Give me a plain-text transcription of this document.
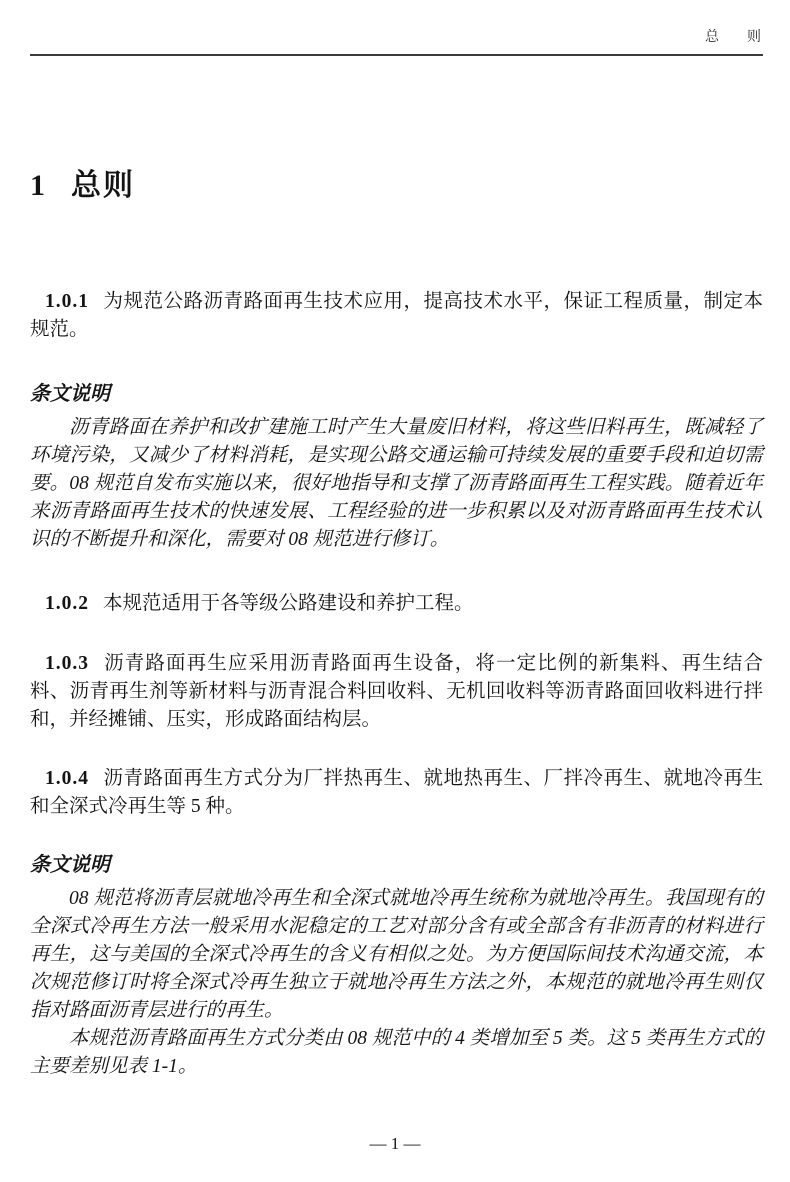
总　　则
1 总则

1.0.1 为规范公路沥青路面再生技术应用，提高技术水平，保证工程质量，制定本规范。

条文说明

沥青路面在养护和改扩建施工时产生大量废旧材料，将这些旧料再生，既减轻了环境污染，又减少了材料消耗，是实现公路交通运输可持续发展的重要手段和迫切需要。08 规范自发布实施以来，很好地指导和支撑了沥青路面再生工程实践。随着近年来沥青路面再生技术的快速发展、工程经验的进一步积累以及对沥青路面再生技术认识的不断提升和深化，需要对 08 规范进行修订。

1.0.2 本规范适用于各等级公路建设和养护工程。

1.0.3 沥青路面再生应采用沥青路面再生设备，将一定比例的新集料、再生结合料、沥青再生剂等新材料与沥青混合料回收料、无机回收料等沥青路面回收料进行拌和，并经摊铺、压实，形成路面结构层。

1.0.4 沥青路面再生方式分为厂拌热再生、就地热再生、厂拌冷再生、就地冷再生和全深式冷再生等 5 种。

条文说明

08 规范将沥青层就地冷再生和全深式就地冷再生统称为就地冷再生。我国现有的全深式冷再生方法一般采用水泥稳定的工艺对部分含有或全部含有非沥青的材料进行再生，这与美国的全深式冷再生的含义有相似之处。为方便国际间技术沟通交流，本次规范修订时将全深式冷再生独立于就地冷再生方法之外，本规范的就地冷再生则仅指对路面沥青层进行的再生。

本规范沥青路面再生方式分类由 08 规范中的 4 类增加至 5 类。这 5 类再生方式的主要差别见表 1-1。

— 1 —
